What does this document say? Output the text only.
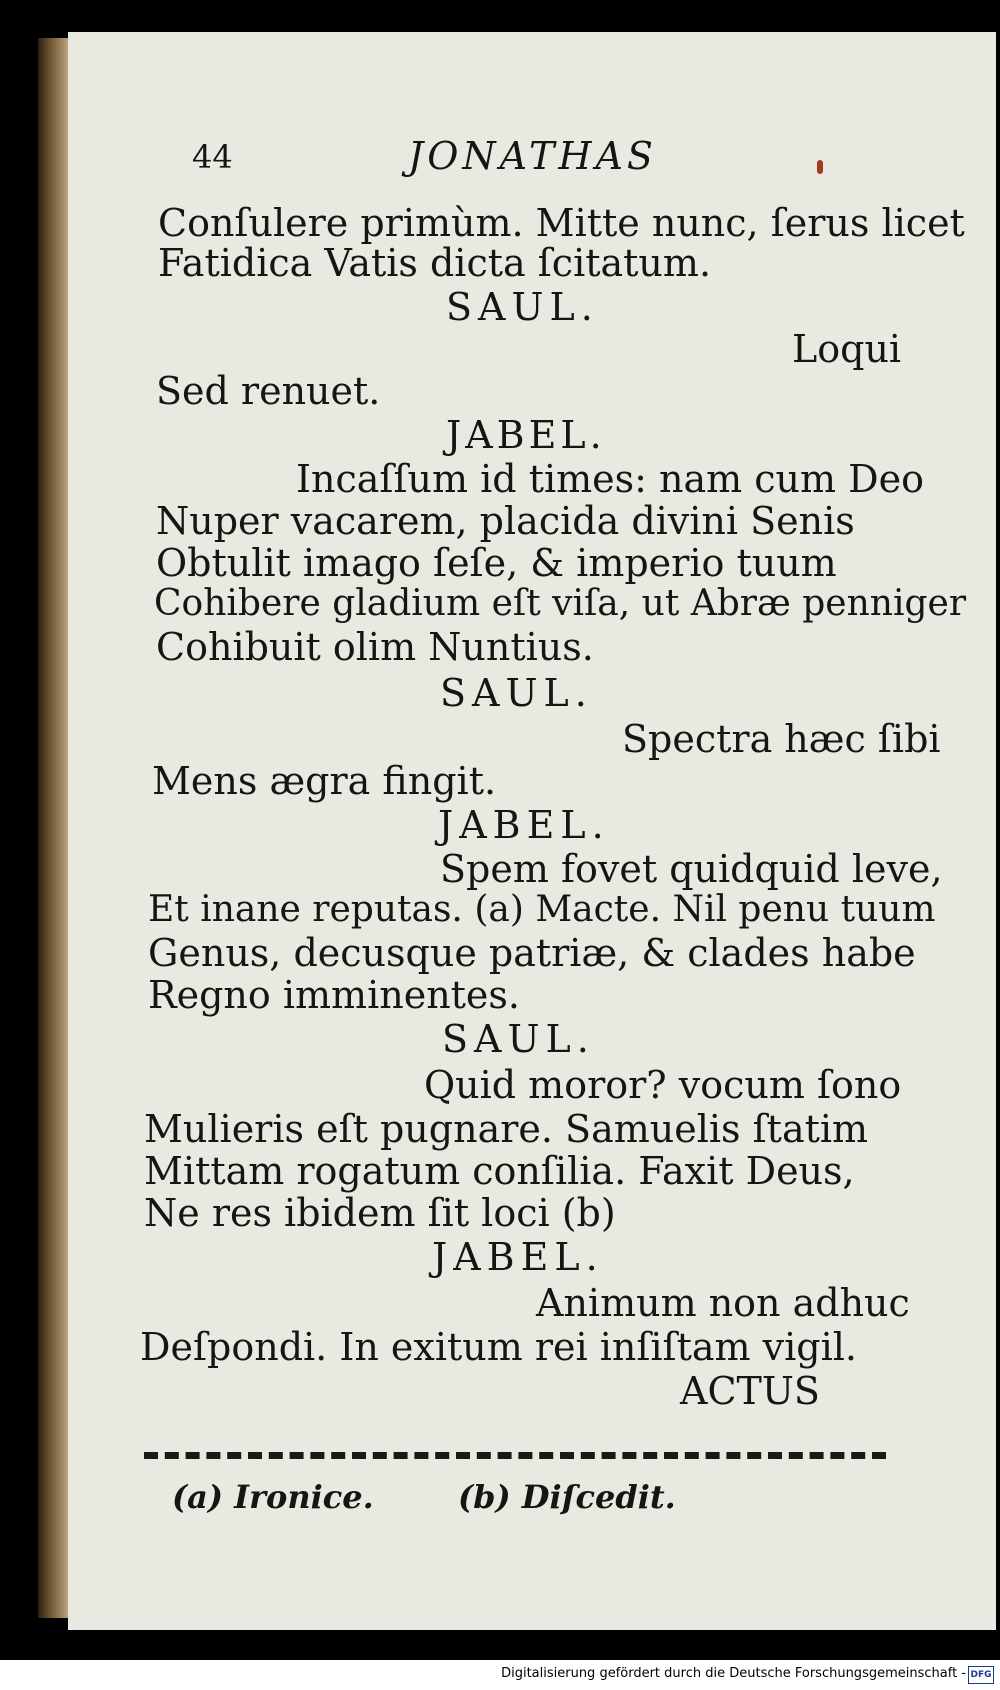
44	JONATHAS
Conſulere primùm. Mitte nunc, ſerus licet
Fatidica Vatis dicta ſcitatum.
SAUL.
Loqui
Sed renuet.
JABEL.
Incaſſum id times: nam cum Deo
Nuper vacarem, placida divini Senis
Obtulit imago ſeſe, & imperio tuum
Cohibere gladium eſt viſa, ut Abræ penniger
Cohibuit olim Nuntius.
SAUL.
Spectra hæc ſibi
Mens ægra fingit.
JABEL.
Spem fovet quidquid leve,
Et inane reputas. (a) Macte. Nil penu tuum
Genus, decusque patriæ, & clades habe
Regno imminentes.
SAUL.
Quid moror? vocum ſono
Mulieris eſt pugnare. Samuelis ſtatim
Mittam rogatum conſilia. Faxit Deus,
Ne res ibidem ſit loci (b)
JABEL.
Animum non adhuc
Deſpondi. In exitum rei inſiſtam vigil.
ACTUS
(a) Ironice.	(b) Diſcedit.
Digitalisierung gefördert durch die Deutsche Forschungsgemeinschaft - DFG
